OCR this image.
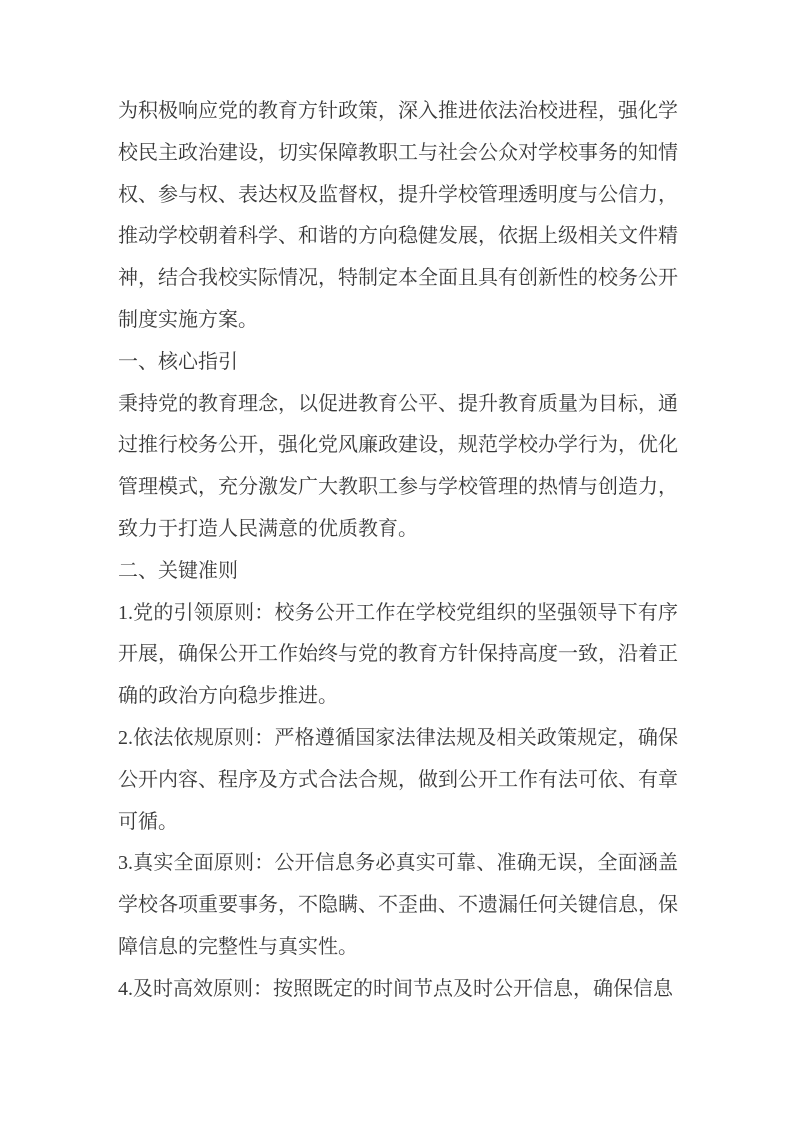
为积极响应党的教育方针政策，深入推进依法治校进程，强化学校民主政治建设，切实保障教职工与社会公众对学校事务的知情权、参与权、表达权及监督权，提升学校管理透明度与公信力，推动学校朝着科学、和谐的方向稳健发展，依据上级相关文件精神，结合我校实际情况，特制定本全面且具有创新性的校务公开制度实施方案。

一、核心指引

秉持党的教育理念，以促进教育公平、提升教育质量为目标，通过推行校务公开，强化党风廉政建设，规范学校办学行为，优化管理模式，充分激发广大教职工参与学校管理的热情与创造力，致力于打造人民满意的优质教育。

二、关键准则

1.党的引领原则：校务公开工作在学校党组织的坚强领导下有序开展，确保公开工作始终与党的教育方针保持高度一致，沿着正确的政治方向稳步推进。

2.依法依规原则：严格遵循国家法律法规及相关政策规定，确保公开内容、程序及方式合法合规，做到公开工作有法可依、有章可循。

3.真实全面原则：公开信息务必真实可靠、准确无误，全面涵盖学校各项重要事务，不隐瞒、不歪曲、不遗漏任何关键信息，保障信息的完整性与真实性。

4.及时高效原则：按照既定的时间节点及时公开信息，确保信息
